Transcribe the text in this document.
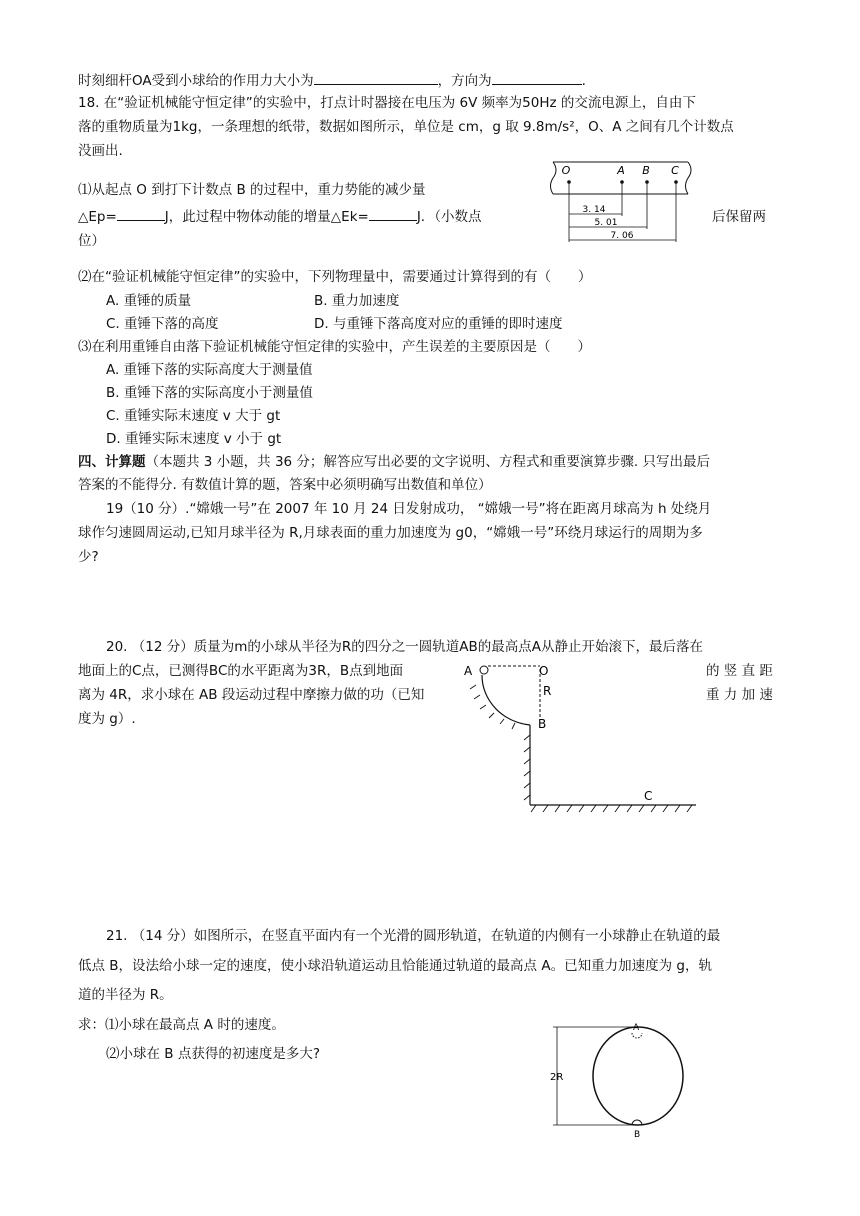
时刻细杆OA受到小球给的作用力大小为	，方向为	.
18. 在“验证机械能守恒定律”的实验中，打点计时器接在电压为 6V 频率为50Hz 的交流电源上，自由下
落的重物质量为1kg，一条理想的纸带，数据如图所示，单位是 cm，g 取 9.8m/s²，O、A 之间有几个计数点
没画出.
⑴从起点 O 到打下计数点 B 的过程中，重力势能的减少量
△Ep=	J，此过程中物体动能的增量△Ek=	J．（小数点	后保留两
位）
O	A B C
3. 14
5. 01
7. 06
⑵在“验证机械能守恒定律”的实验中，下列物理量中，需要通过计算得到的有（　　）
A. 重锤的质量	B. 重力加速度
C. 重锤下落的高度	D. 与重锤下落高度对应的重锤的即时速度
⑶在利用重锤自由落下验证机械能守恒定律的实验中，产生误差的主要原因是（　　）
A. 重锤下落的实际高度大于测量值
B. 重锤下落的实际高度小于测量值
C. 重锤实际末速度 v 大于 gt
D. 重锤实际末速度 v 小于 gt
四、计算题（本题共 3 小题，共 36 分；解答应写出必要的文字说明、方程式和重要演算步骤. 只写出最后
答案的不能得分. 有数值计算的题，答案中必须明确写出数值和单位）
19（10 分）.“嫦娥一号”在 2007 年 10 月 24 日发射成功， “嫦娥一号”将在距离月球高为 h 处绕月
球作匀速圆周运动,已知月球半径为 R,月球表面的重力加速度为 g0，“嫦娥一号”环绕月球运行的周期为多
少?
20. （12 分）质量为m的小球从半径为R的四分之一圆轨道AB的最高点A从静止开始滚下，最后落在
地面上的C点，已测得BC的水平距离为3R，B点到地面	的 竖 直 距
离为 4R，求小球在 AB 段运动过程中摩擦力做的功（已知	重 力 加 速
度为 g）.
A	O
R
B
C
21. （14 分）如图所示，在竖直平面内有一个光滑的圆形轨道，在轨道的内侧有一小球静止在轨道的最
低点 B，设法给小球一定的速度，使小球沿轨道运动且恰能通过轨道的最高点 A。已知重力加速度为 g，轨
道的半径为 R。
求：⑴小球在最高点 A 时的速度。
⑵小球在 B 点获得的初速度是多大?
2R
A
B
